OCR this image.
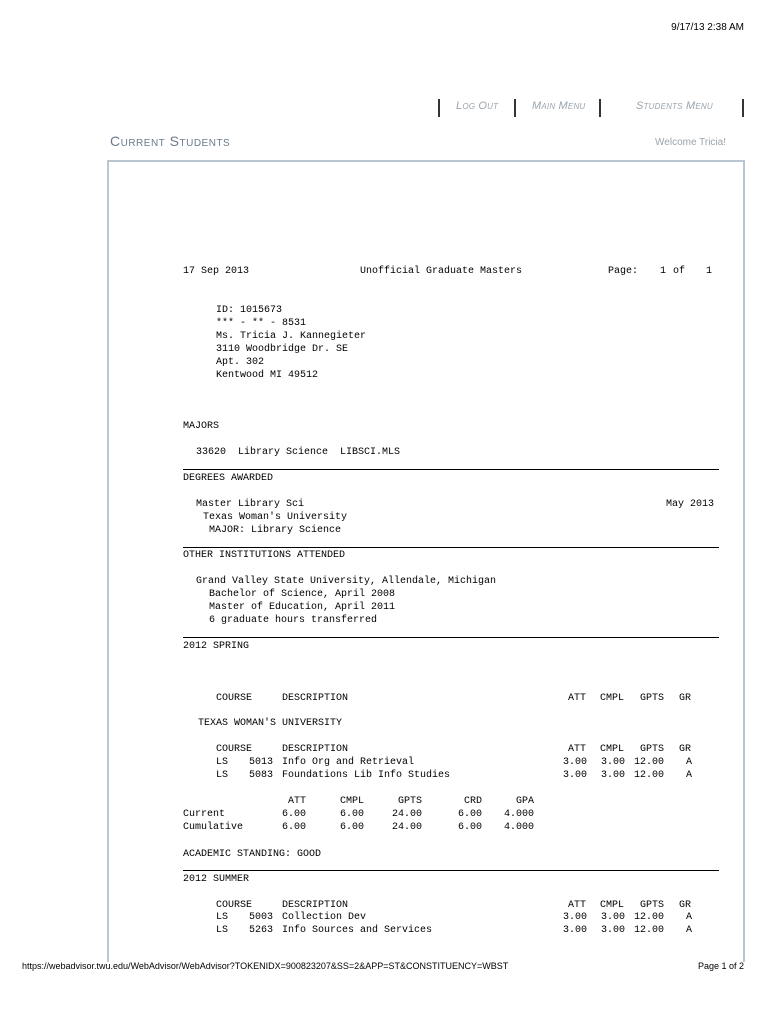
9/17/13 2:38 AM

Log Out

	Main Menu

	Students Menu

Current Students	Welcome Tricia!
17 Sep 2013	Unofficial Graduate Masters	Page: 1 of 1
ID: 1015673
*** - ** - 8531
Ms. Tricia J. Kannegieter
3110 Woodbridge Dr. SE
Apt. 302
Kentwood MI 49512
MAJORS
33620  Library Science  LIBSCI.MLS
DEGREES AWARDED
Master Library Sci	May 2013
Texas Woman's University
MAJOR: Library Science
OTHER INSTITUTIONS ATTENDED
Grand Valley State University, Allendale, Michigan
Bachelor of Science, April 2008
Master of Education, April 2011
6 graduate hours transferred
2012 SPRING
COURSE	DESCRIPTION	ATT CMPL GPTS GR
TEXAS WOMAN'S UNIVERSITY
COURSE	DESCRIPTION	ATT CMPL GPTS GR
LS 5013 Info Org and Retrieval	3.00 3.00 12.00 A
LS 5083 Foundations Lib Info Studies	3.00 3.00 12.00 A
ATT	CMPL	GPTS	CRD	GPA
Current	6.00	6.00	24.00	6.00 4.000
Cumulative	6.00	6.00	24.00	6.00 4.000
ACADEMIC STANDING: GOOD
2012 SUMMER
COURSE	DESCRIPTION	ATT CMPL GPTS GR
LS 5003 Collection Dev	3.00 3.00 12.00 A
LS 5263 Info Sources and Services	3.00 3.00 12.00 A
https://webadvisor.twu.edu/WebAdvisor/WebAdvisor?TOKENIDX=900823207&SS=2&APP=ST&CONSTITUENCY=WBST	Page 1 of 2
